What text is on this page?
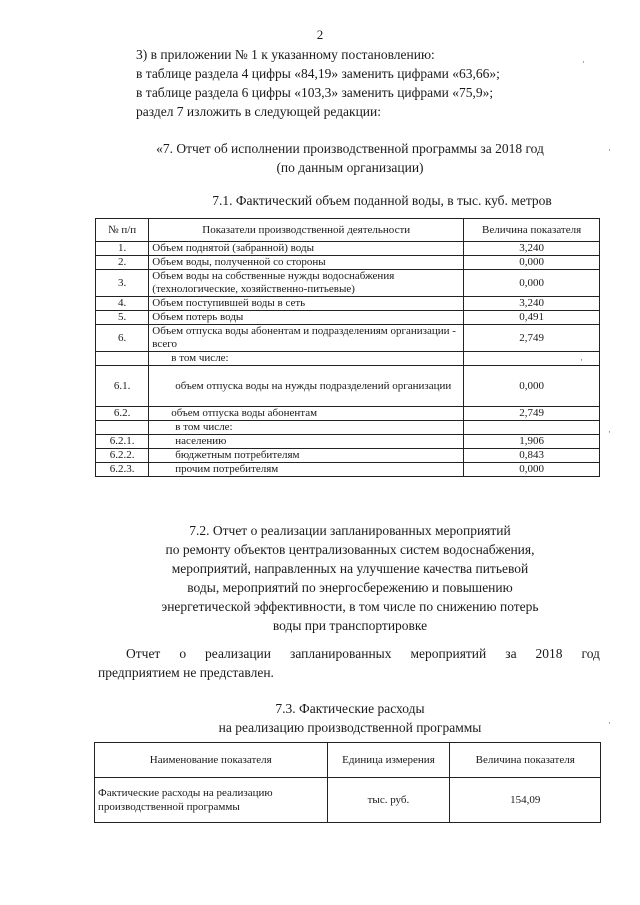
2
3) в приложении № 1 к указанному постановлению:
в таблице раздела 4 цифры «84,19» заменить цифрами «63,66»;
в таблице раздела 6 цифры «103,3» заменить цифрами «75,9»;
раздел 7 изложить в следующей редакции:
«7. Отчет об исполнении производственной программы за 2018 год
(по данным организации)
7.1. Фактический объем поданной воды, в тыс. куб. метров
№ п/п	Показатели производственной деятельности	Величина показателя
1.	Объем поднятой (забранной) воды	3,240
2.	Объем воды, полученной со стороны	0,000
3.	Объем воды на собственные нужды водоснабжения (технологические, хозяйственно-питьевые)	0,000
4.	Объем поступившей воды в сеть	3,240
5.	Объем потерь воды	0,491
6.	Объем отпуска воды абонентам и подразделениям организации - всего	2,749
	в том числе:	
6.1.	объем отпуска воды на нужды подразделений организации	0,000
6.2.	объем отпуска воды абонентам	2,749
	в том числе:	
6.2.1.	населению	1,906
6.2.2.	бюджетным потребителям	0,843
6.2.3.	прочим потребителям	0,000
7.2. Отчет о реализации запланированных мероприятий
по ремонту объектов централизованных систем водоснабжения,
мероприятий, направленных на улучшение качества питьевой
воды, мероприятий по энергосбережению и повышению
энергетической эффективности, в том числе по снижению потерь
воды при транспортировке
Отчет о реализации запланированных мероприятий за 2018 год
предприятием не представлен.
7.3. Фактические расходы
на реализацию производственной программы
Наименование показателя	Единица измерения	Величина показателя
Фактические расходы на реализацию производственной программы	тыс. руб.	154,09
·
·
·
·
·
